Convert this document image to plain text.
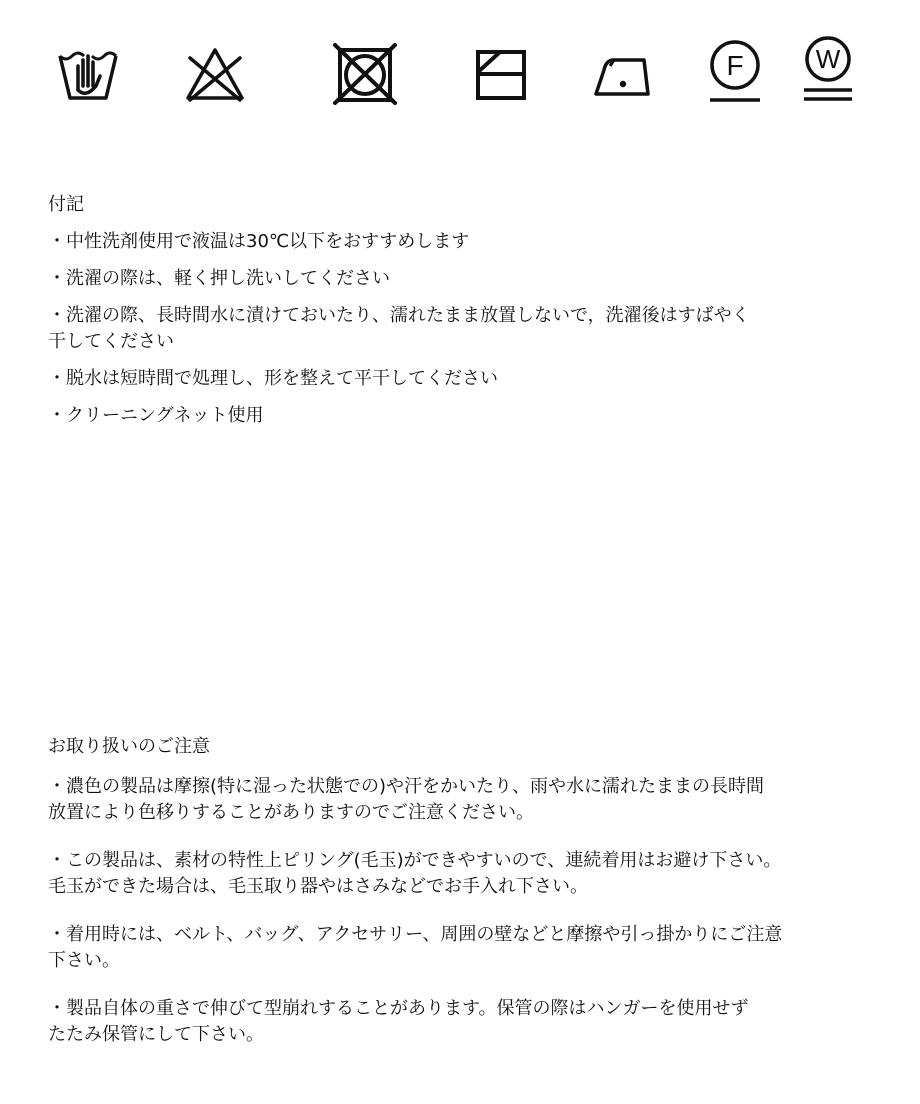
F	W

付記

・中性洗剤使用で液温は30℃以下をおすすめします

・洗濯の際は、軽く押し洗いしてください

・洗濯の際、長時間水に漬けておいたり、濡れたまま放置しないで，洗濯後はすばやく
干してください

・脱水は短時間で処理し、形を整えて平干してください

・クリーニングネット使用

お取り扱いのご注意

・濃色の製品は摩擦(特に湿った状態での)や汗をかいたり、雨や水に濡れたままの長時間
放置により色移りすることがありますのでご注意ください。

・この製品は、素材の特性上ピリング(毛玉)ができやすいので、連続着用はお避け下さい。
毛玉ができた場合は、毛玉取り器やはさみなどでお手入れ下さい。

・着用時には、ベルト、バッグ、アクセサリー、周囲の壁などと摩擦や引っ掛かりにご注意
下さい。

・製品自体の重さで伸びて型崩れすることがあります。保管の際はハンガーを使用せず
たたみ保管にして下さい。
